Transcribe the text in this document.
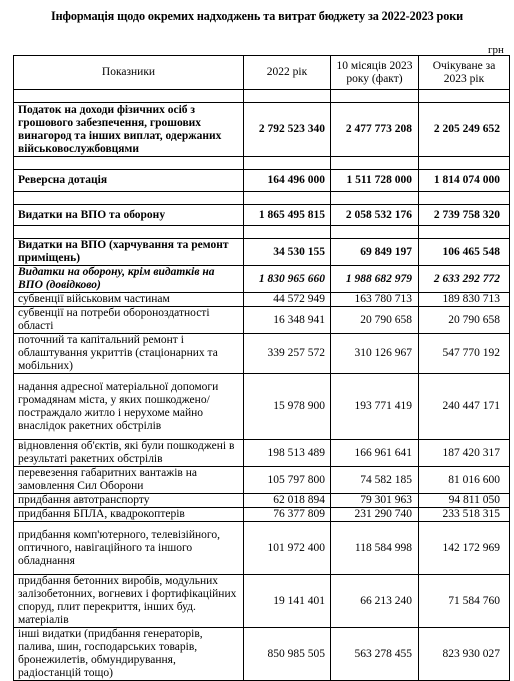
Інформація щодо окремих надходжень та витрат бюджету за 2022-2023 роки
грн
Показники	2022 рік	10 місяців 2023 року (факт)	Очікуване за 2023 рік

Податок на доходи фізичних осіб з грошового забезпечення, грошових винагород та інших виплат, одержаних військовослужбовцями	2 792 523 340	2 477 773 208	2 205 249 652

Реверсна дотація	164 496 000	1 511 728 000	1 814 074 000

Видатки на ВПО та оборону	1 865 495 815	2 058 532 176	2 739 758 320

Видатки на ВПО (харчування та ремонт приміщень)	34 530 155	69 849 197	106 465 548
Видатки на оборону, крім видатків на ВПО (довідково)	1 830 965 660	1 988 682 979	2 633 292 772
субвенції військовим частинам	44 572 949	163 780 713	189 830 713
субвенції на потреби обороноздатності області	16 348 941	20 790 658	20 790 658
поточний та капітальний ремонт і облаштування укриттів (стаціонарних та мобільних)	339 257 572	310 126 967	547 770 192
надання адресної матеріальної допомоги громадянам міста, у яких пошкоджено/постраждало житло і нерухоме майно внаслідок ракетних обстрілів	15 978 900	193 771 419	240 447 171
відновлення об'єктів, які були пошкоджені в результаті ракетних обстрілів	198 513 489	166 961 641	187 420 317
перевезення габаритних вантажів на замовлення Сил Оборони	105 797 800	74 582 185	81 016 600
придбання автотранспорту	62 018 894	79 301 963	94 811 050
придбання БПЛА, квадрокоптерів	76 377 809	231 290 740	233 518 315
придбання комп'ютерного, телевізійного, оптичного, навігаційного та іншого обладнання	101 972 400	118 584 998	142 172 969
придбання бетонних виробів, модульних залізобетонних, вогневих і фортифікаційних споруд, плит перекриття, інших буд. матеріалів	19 141 401	66 213 240	71 584 760
інші видатки (придбання генераторів, палива, шин, господарських товарів, бронежилетів, обмундирування, радіостанцій тощо)	850 985 505	563 278 455	823 930 027
